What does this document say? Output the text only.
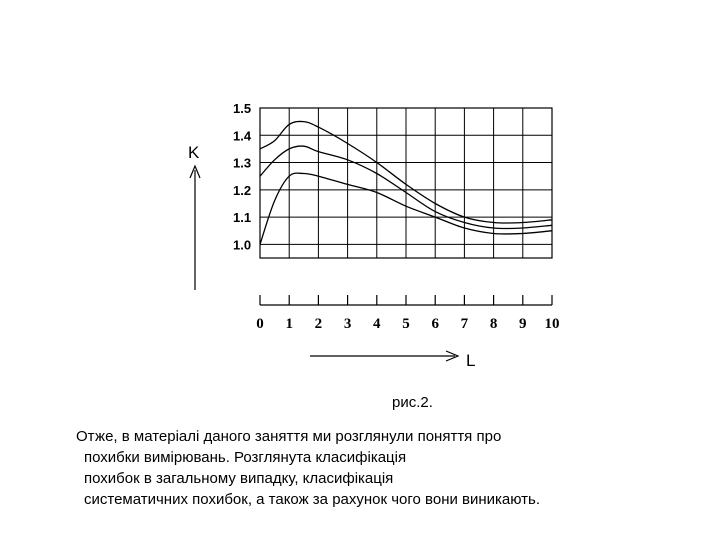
1.5
1.4
1.3
1.2
1.1
1.0
0 1 2 3 4 5 6 7 8 9 10
K
L
рис.2.
Отже, в матеріалі даного заняття ми розглянули поняття про
похибки вимірювань. Розглянута класифікація
похибок в загальному випадку, класифікація
систематичних похибок, а також за рахунок чого вони виникають.
